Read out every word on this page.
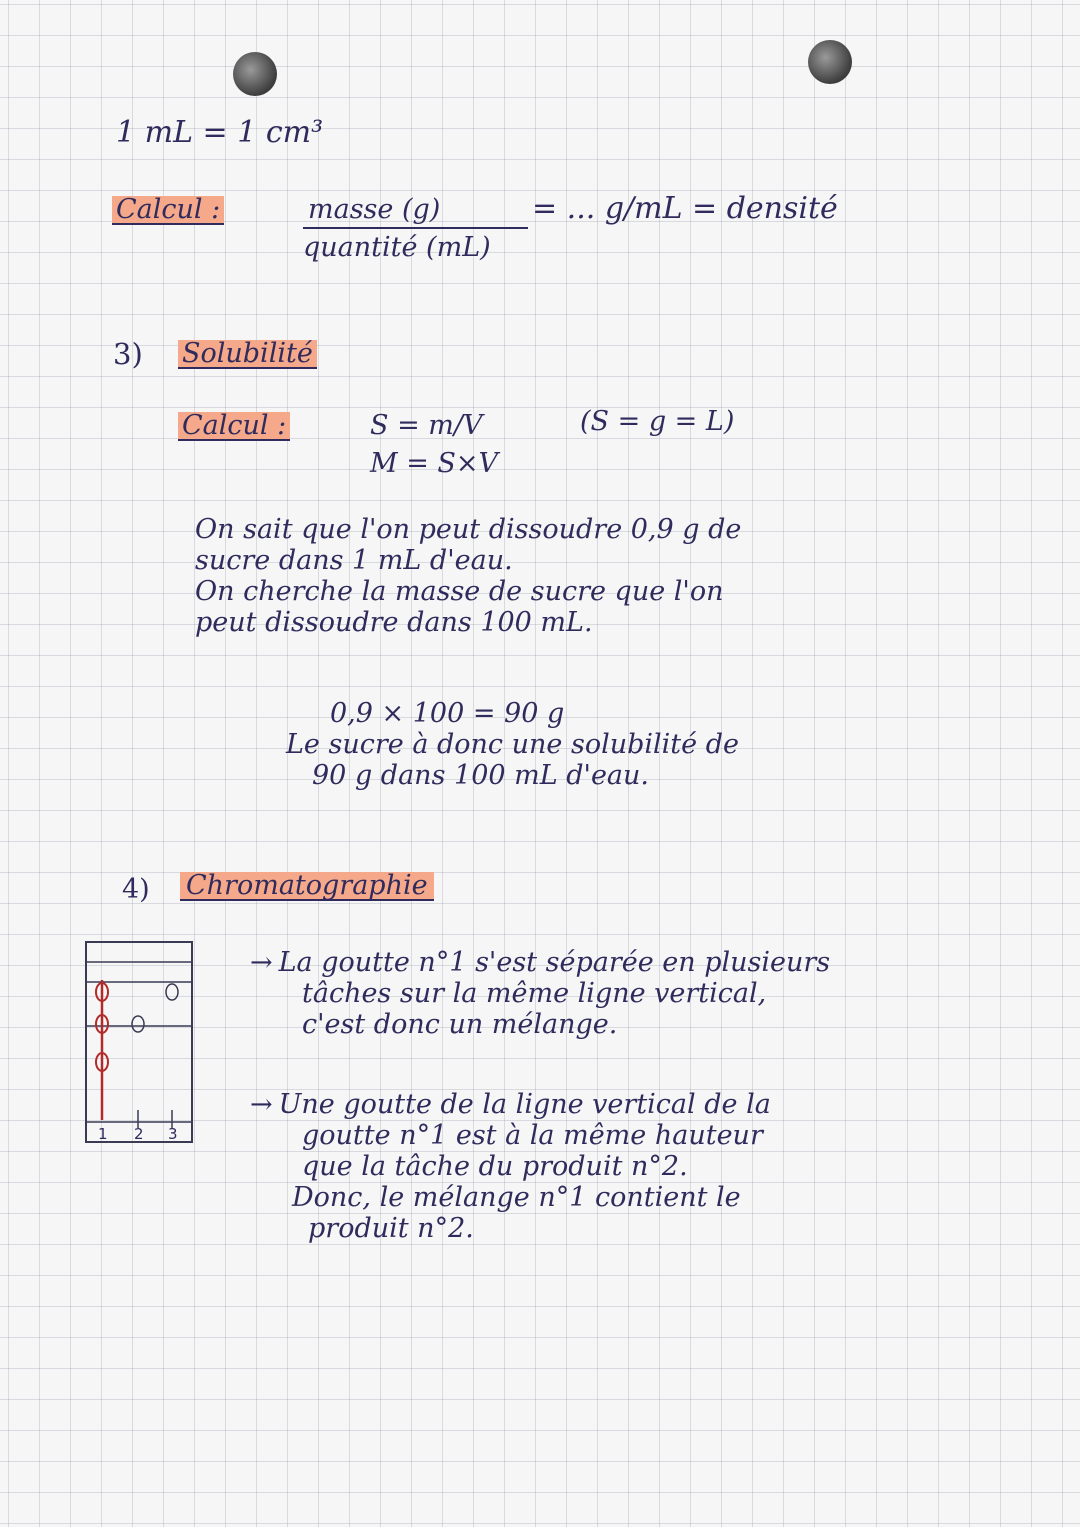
1 mL = 1 cm³
Calcul :	masse (g)
quantité (mL)
= ... g/mL = densité
3) Solubilité
Calcul :	S = m/V	(S = g = L)
M = S×V
On sait que l'on peut dissoudre 0,9 g de
sucre dans 1 mL d'eau.
On cherche la masse de sucre que l'on
peut dissoudre dans 100 mL.
0,9 × 100 = 90 g
Le sucre à donc une solubilité de
90 g dans 100 mL d'eau.
4) Chromatographie
1 2 3
→ La goutte n°1 s'est séparée en plusieurs
tâches sur la même ligne vertical,
c'est donc un mélange.
→ Une goutte de la ligne vertical de la
goutte n°1 est à la même hauteur
que la tâche du produit n°2.
Donc, le mélange n°1 contient le
produit n°2.
